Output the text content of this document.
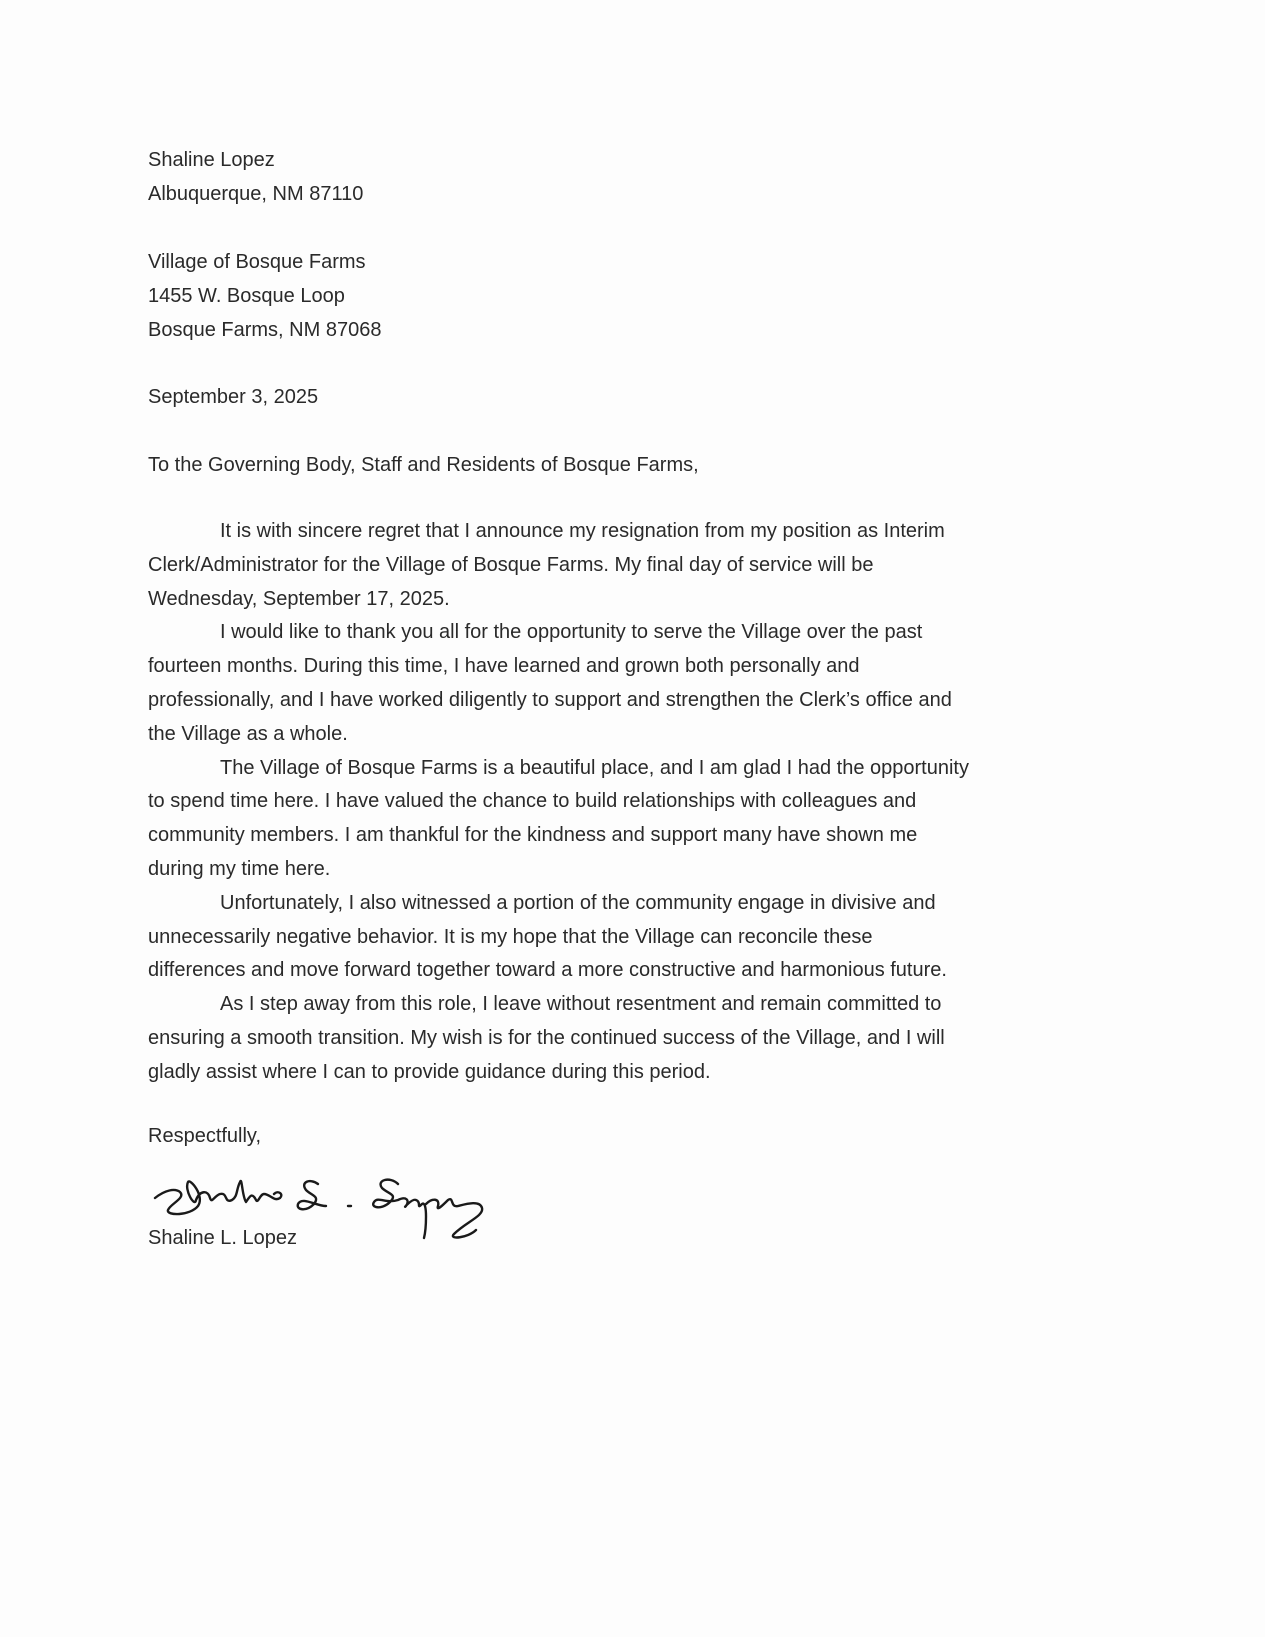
Shaline Lopez
Albuquerque, NM 87110
Village of Bosque Farms
1455 W. Bosque Loop
Bosque Farms, NM 87068
September 3, 2025
To the Governing Body, Staff and Residents of Bosque Farms,
It is with sincere regret that I announce my resignation from my position as Interim
Clerk/Administrator for the Village of Bosque Farms. My final day of service will be
Wednesday, September 17, 2025.
I would like to thank you all for the opportunity to serve the Village over the past
fourteen months. During this time, I have learned and grown both personally and
professionally, and I have worked diligently to support and strengthen the Clerk’s office and
the Village as a whole.
The Village of Bosque Farms is a beautiful place, and I am glad I had the opportunity
to spend time here. I have valued the chance to build relationships with colleagues and
community members. I am thankful for the kindness and support many have shown me
during my time here.
Unfortunately, I also witnessed a portion of the community engage in divisive and
unnecessarily negative behavior. It is my hope that the Village can reconcile these
differences and move forward together toward a more constructive and harmonious future.
As I step away from this role, I leave without resentment and remain committed to
ensuring a smooth transition. My wish is for the continued success of the Village, and I will
gladly assist where I can to provide guidance during this period.
Respectfully,
Shaline L. Lopez
